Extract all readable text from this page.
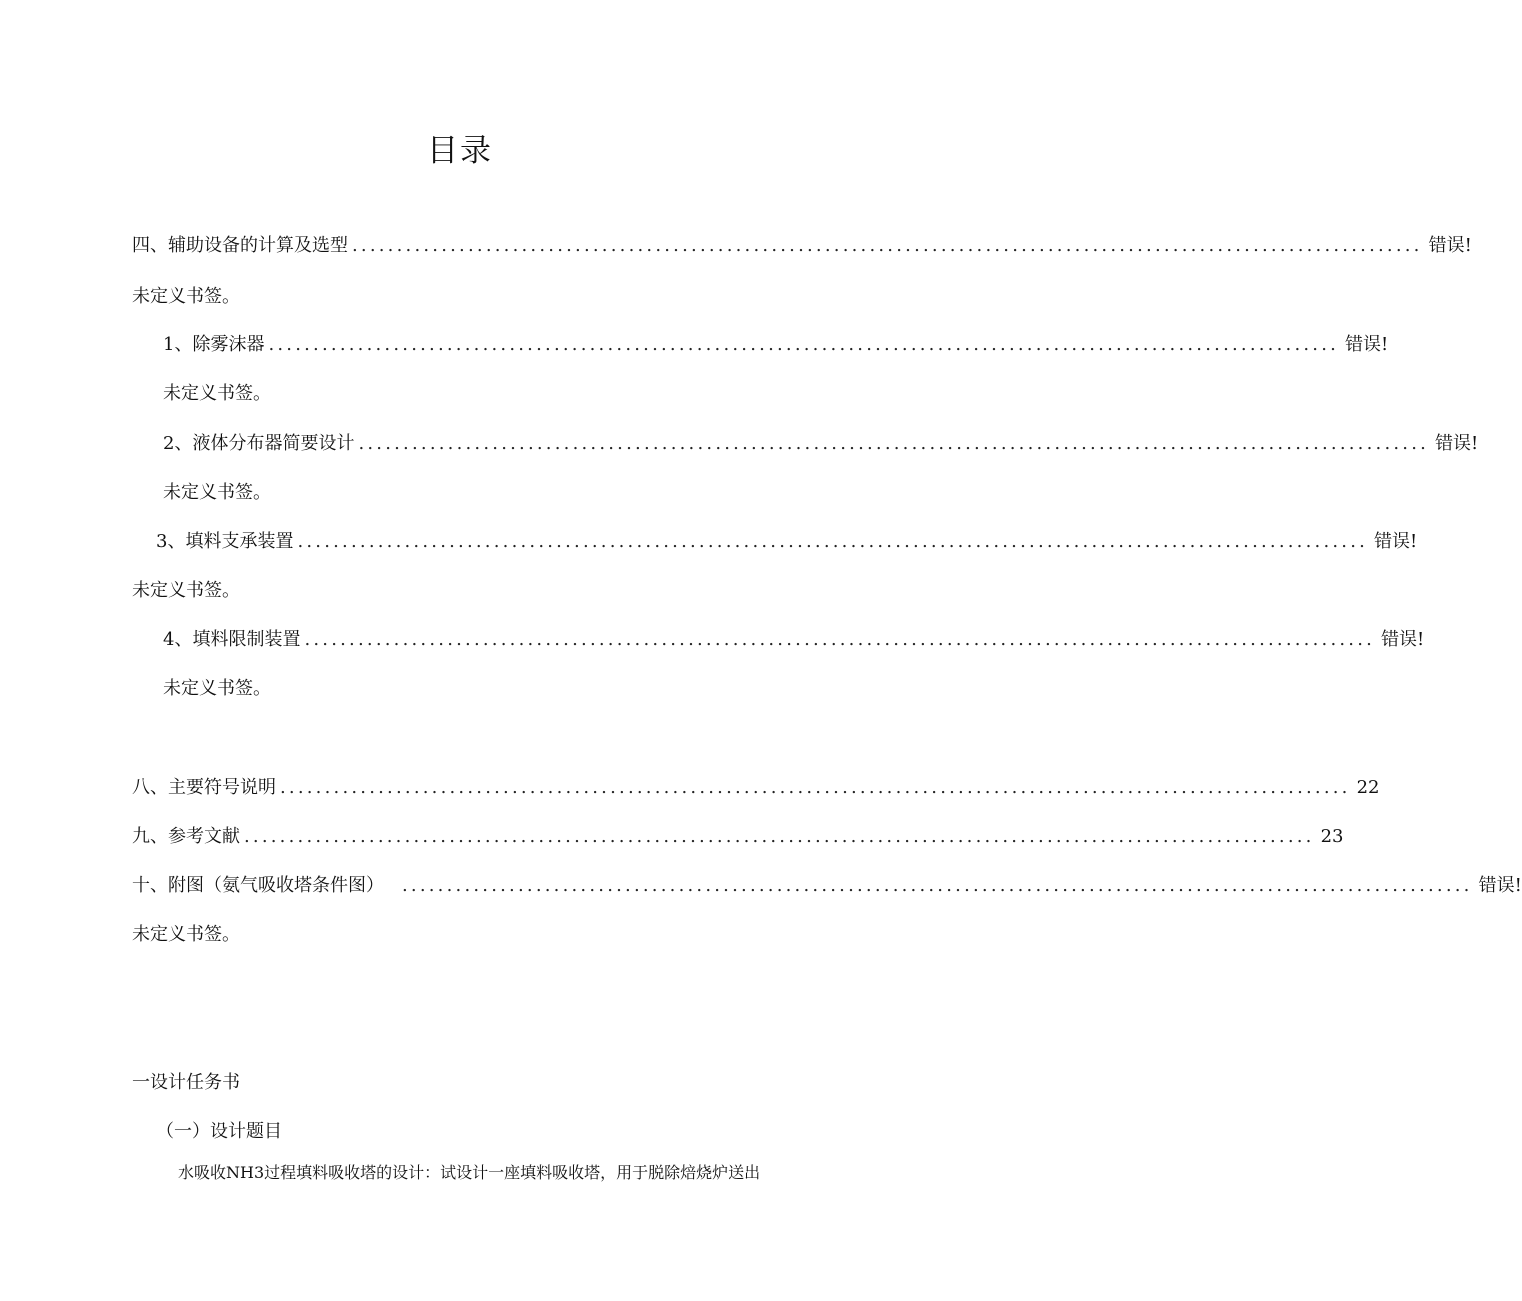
目录
四、辅助设备的计算及选型 ........................................................................................................................ 错误!
未定义书签。
1、除雾沫器 ........................................................................................................................ 错误!
未定义书签。
2、液体分布器简要设计 ........................................................................................................................ 错误!
未定义书签。
3、填料支承装置 ........................................................................................................................ 错误!
未定义书签。
4、填料限制装置 ........................................................................................................................ 错误!
未定义书签。
八、主要符号说明 ........................................................................................................................ 22
九、参考文献 ........................................................................................................................ 23
十、附图（氨气吸收塔条件图） ........................................................................................................................ 错误!
未定义书签。
一设计任务书
（一）设计题目
水吸收NH3过程填料吸收塔的设计：试设计一座填料吸收塔，用于脱除焙烧炉送出
